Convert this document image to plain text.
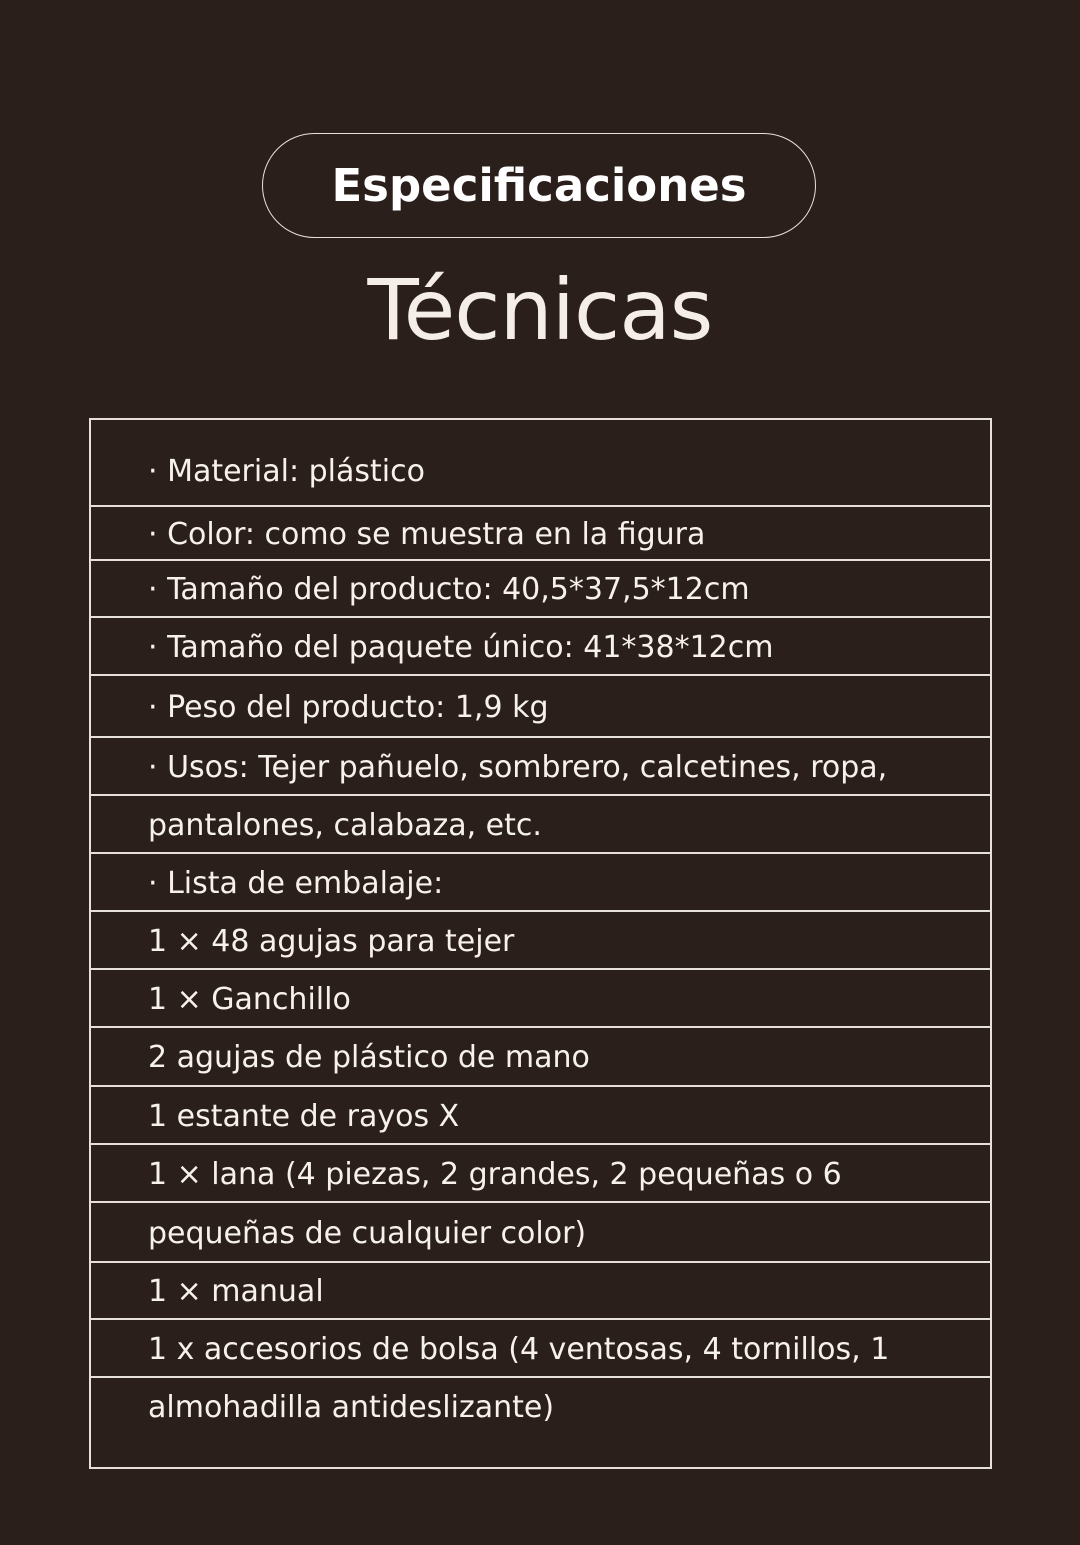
Especificaciones
Técnicas
· Material: plástico
· Color: como se muestra en la figura
· Tamaño del producto: 40,5*37,5*12cm
· Tamaño del paquete único: 41*38*12cm
· Peso del producto: 1,9 kg
· Usos: Tejer pañuelo, sombrero, calcetines, ropa,
pantalones, calabaza, etc.
· Lista de embalaje:
1 × 48 agujas para tejer
1 × Ganchillo
2 agujas de plástico de mano
1 estante de rayos X
1 × lana (4 piezas, 2 grandes, 2 pequeñas o 6
pequeñas de cualquier color)
1 × manual
1 x accesorios de bolsa (4 ventosas, 4 tornillos, 1
almohadilla antideslizante)
